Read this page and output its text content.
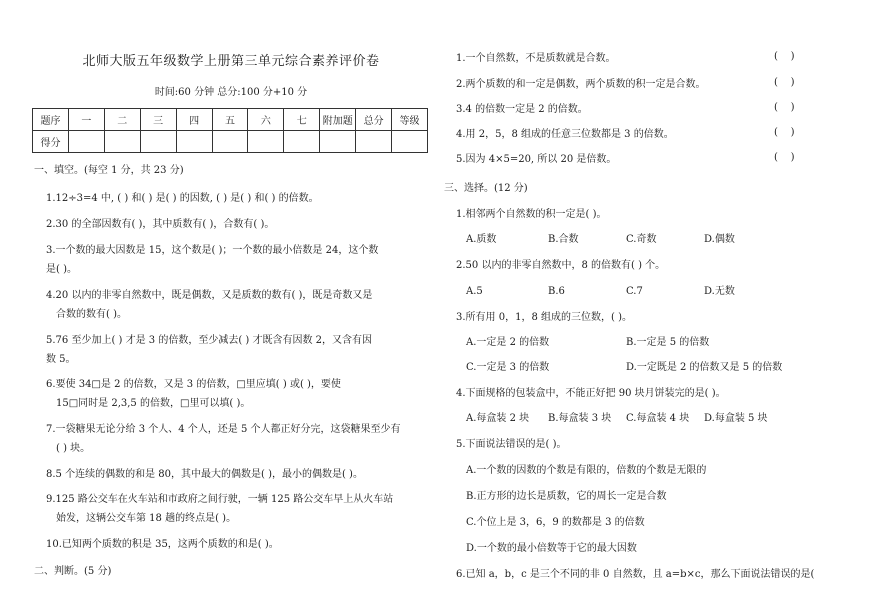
北师大版五年级数学上册第三单元综合素养评价卷
时间:60 分钟 总分:100 分+10 分
题序	一	二	三	四	五	六	七	附加题	总分	等级
得分										
一、填空。(每空 1 分，共 23 分)
1.12÷3=4 中, ( ) 和( ) 是( ) 的因数, ( ) 是( ) 和( ) 的倍数。
2.30 的全部因数有( )，其中质数有( )，合数有( )。
3.一个数的最大因数是 15，这个数是( )；一个数的最小倍数是 24，这个数
是( )。
4.20 以内的非零自然数中，既是偶数，又是质数的数有( )，既是奇数又是
合数的数有( )。
5.76 至少加上( ) 才是 3 的倍数，至少减去( ) 才既含有因数 2，又含有因
数 5。
6.要使 34□是 2 的倍数，又是 3 的倍数，□里应填( ) 或( )，要使
15□同时是 2,3,5 的倍数，□里可以填( )。
7.一袋糖果无论分给 3 个人、4 个人，还是 5 个人都正好分完，这袋糖果至少有
( ) 块。
8.5 个连续的偶数的和是 80，其中最大的偶数是( )，最小的偶数是( )。
9.125 路公交车在火车站和市政府之间行驶，一辆 125 路公交车早上从火车站
始发，这辆公交车第 18 趟的终点是( )。
10.已知两个质数的积是 35，这两个质数的和是( )。
二、判断。(5 分)
1.一个自然数，不是质数就是合数。	(    )
2.两个质数的和一定是偶数，两个质数的积一定是合数。	(    )
3.4 的倍数一定是 2 的倍数。	(    )
4.用 2，5，8 组成的任意三位数都是 3 的倍数。	(    )
5.因为 4×5=20, 所以 20 是倍数。	(    )
三、选择。(12 分)
1.相邻两个自然数的积一定是( )。
A.质数	B.合数	C.奇数	D.偶数
2.50 以内的非零自然数中，8 的倍数有( ) 个。
A.5	B.6	C.7	D.无数
3.所有用 0，1，8 组成的三位数，( )。
A.一定是 2 的倍数	B.一定是 5 的倍数
C.一定是 3 的倍数	D.一定既是 2 的倍数又是 5 的倍数
4.下面规格的包装盒中，不能正好把 90 块月饼装完的是( )。
A.每盒装 2 块 B.每盒装 3 块 C.每盒装 4 块 D.每盒装 5 块
5.下面说法错误的是( )。
A.一个数的因数的个数是有限的，倍数的个数是无限的
B.正方形的边长是质数，它的周长一定是合数
C.个位上是 3，6，9 的数都是 3 的倍数
D.一个数的最小倍数等于它的最大因数
6.已知 a，b，c 是三个不同的非 0 自然数，且 a=b×c，那么下面说法错误的是(
